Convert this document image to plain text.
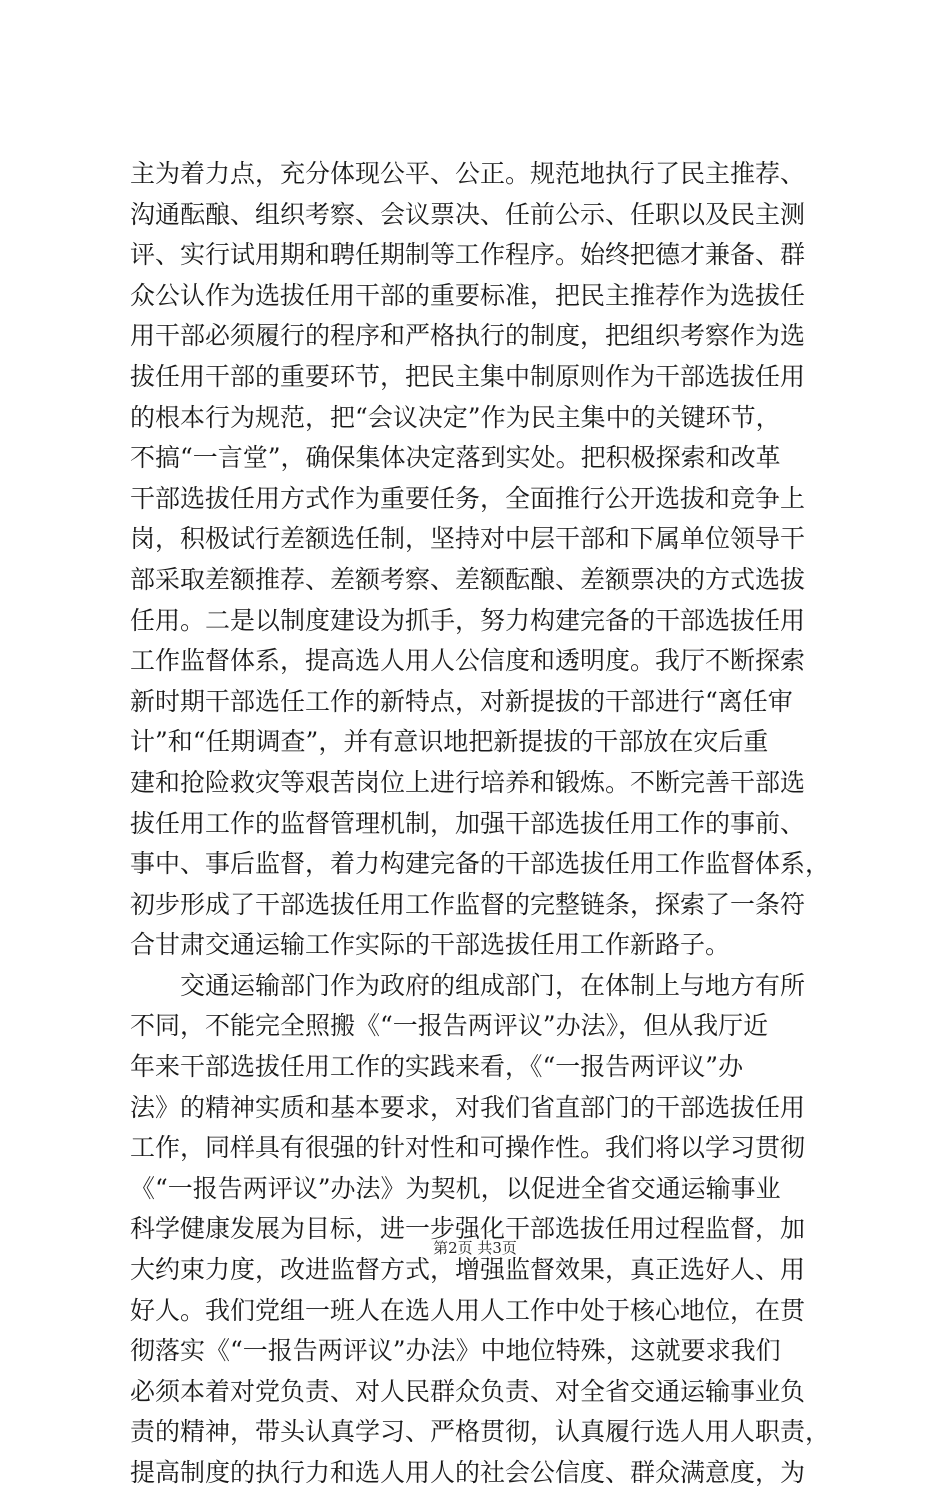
主为着力点，充分体现公平、公正。规范地执行了民主推荐、
沟通酝酿、组织考察、会议票决、任前公示、任职以及民主测
评、实行试用期和聘任期制等工作程序。始终把德才兼备、群
众公认作为选拔任用干部的重要标准，把民主推荐作为选拔任
用干部必须履行的程序和严格执行的制度，把组织考察作为选
拔任用干部的重要环节，把民主集中制原则作为干部选拔任用
的根本行为规范，把“会议决定”作为民主集中的关键环节，
不搞“一言堂”，确保集体决定落到实处。把积极探索和改革
干部选拔任用方式作为重要任务，全面推行公开选拔和竞争上
岗，积极试行差额选任制，坚持对中层干部和下属单位领导干
部采取差额推荐、差额考察、差额酝酿、差额票决的方式选拔
任用。二是以制度建设为抓手，努力构建完备的干部选拔任用
工作监督体系，提高选人用人公信度和透明度。我厅不断探索
新时期干部选任工作的新特点，对新提拔的干部进行“离任审
计”和“任期调查”，并有意识地把新提拔的干部放在灾后重
建和抢险救灾等艰苦岗位上进行培养和锻炼。不断完善干部选
拔任用工作的监督管理机制，加强干部选拔任用工作的事前、
事中、事后监督，着力构建完备的干部选拔任用工作监督体系，
初步形成了干部选拔任用工作监督的完整链条，探索了一条符
合甘肃交通运输工作实际的干部选拔任用工作新路子。
　　交通运输部门作为政府的组成部门，在体制上与地方有所
不同，不能完全照搬《“一报告两评议”办法》，但从我厅近
年来干部选拔任用工作的实践来看，《“一报告两评议”办
法》的精神实质和基本要求，对我们省直部门的干部选拔任用
工作，同样具有很强的针对性和可操作性。我们将以学习贯彻
《“一报告两评议”办法》为契机，以促进全省交通运输事业
科学健康发展为目标，进一步强化干部选拔任用过程监督，加
大约束力度，改进监督方式，增强监督效果，真正选好人、用
好人。我们党组一班人在选人用人工作中处于核心地位，在贯
彻落实《“一报告两评议”办法》中地位特殊，这就要求我们
必须本着对党负责、对人民群众负责、对全省交通运输事业负
责的精神，带头认真学习、严格贯彻，认真履行选人用人职责，
提高制度的执行力和选人用人的社会公信度、群众满意度，为
第2页 共3页
